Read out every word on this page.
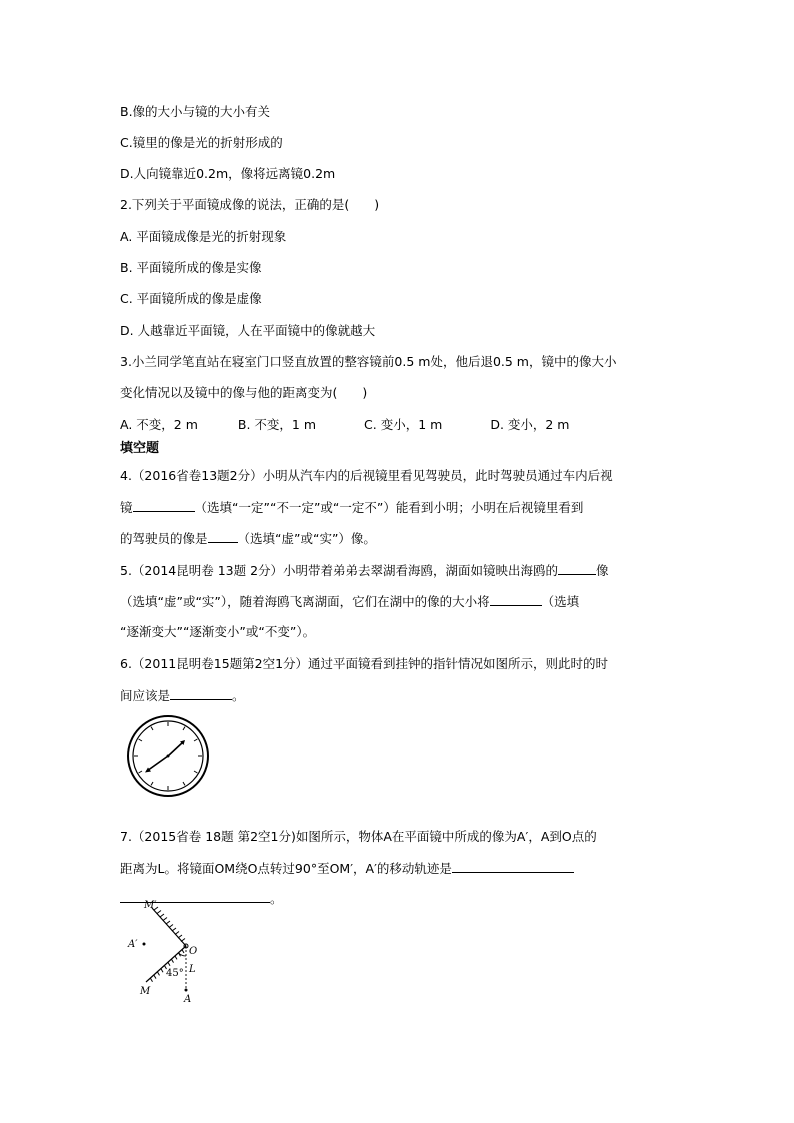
B.像的大小与镜的大小有关
C.镜里的像是光的折射形成的
D.人向镜靠近0.2m，像将远离镜0.2m
2.下列关于平面镜成像的说法，正确的是(　　)
A. 平面镜成像是光的折射现象
B. 平面镜所成的像是实像
C. 平面镜所成的像是虚像
D. 人越靠近平面镜，人在平面镜中的像就越大
3.小兰同学笔直站在寝室门口竖直放置的整容镜前0.5 m处，他后退0.5 m，镜中的像大小
变化情况以及镜中的像与他的距离变为(　　)
A. 不变，2 m	B. 不变，1 m	C. 变小，1 m	D. 变小，2 m
填空题
4.（2016省卷13题2分）小明从汽车内的后视镜里看见驾驶员，此时驾驶员通过车内后视
镜	（选填“一定”“不一定”或“一定不”）能看到小明；小明在后视镜里看到
的驾驶员的像是 （选填“虚”或“实”）像。
5.（2014昆明卷 13题 2分）小明带着弟弟去翠湖看海鸥，湖面如镜映出海鸥的	像
（选填“虚”或“实”），随着海鸥飞离湖面，它们在湖中的像的大小将	（选填
“逐渐变大”“逐渐变小”或“不变”）。
6.（2011昆明卷15题第2空1分）通过平面镜看到挂钟的指针情况如图所示，则此时的时
间应该是	。
7.（2015省卷 18题 第2空1分)如图所示，物体A在平面镜中所成的像为A′，A到O点的
距离为L。将镜面OM绕O点转过90°至OM′，A′的移动轨迹是
。
M′
A′
O
L
45°
M
A
